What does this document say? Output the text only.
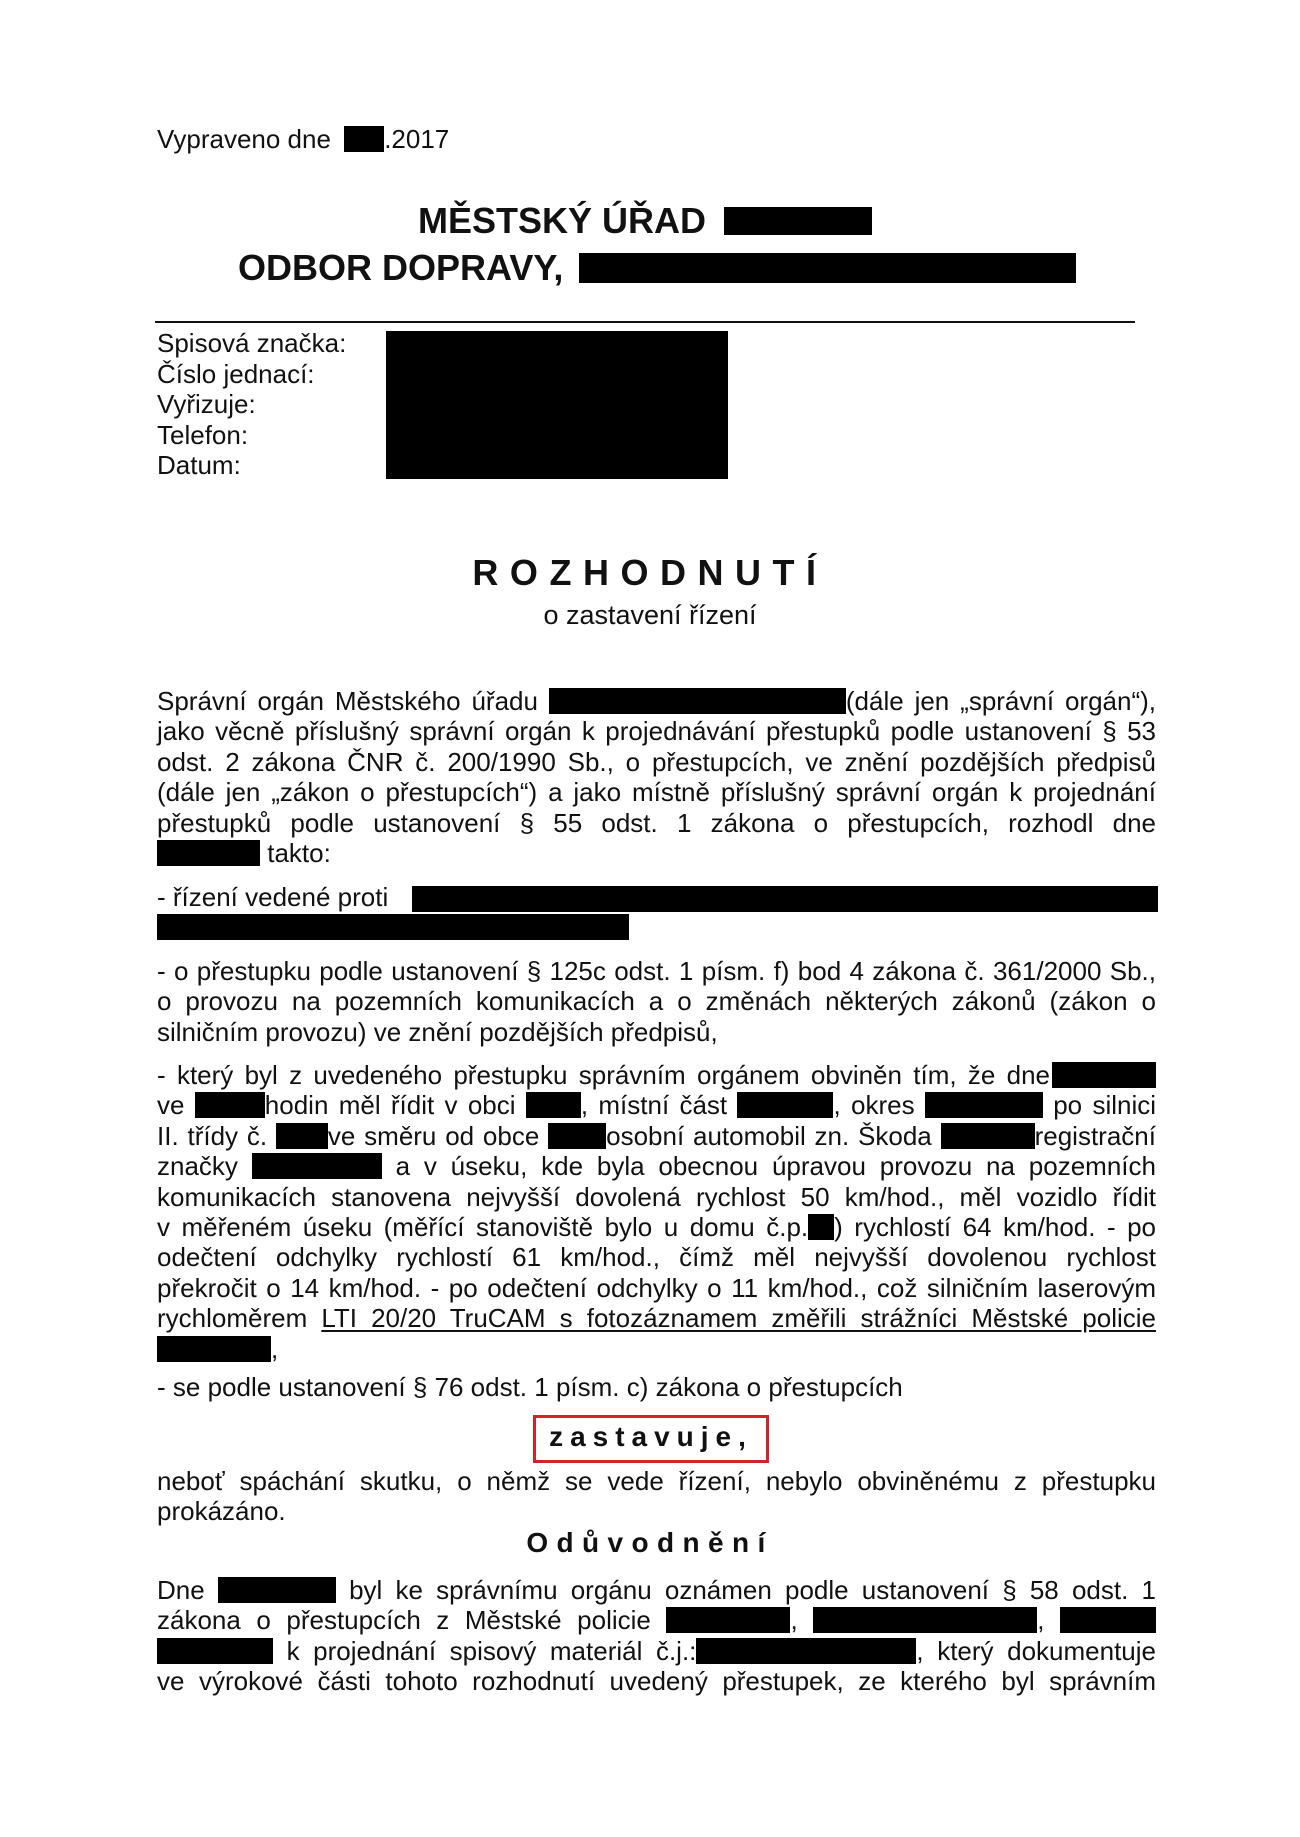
Vypraveno dne .2017
MĚSTSKÝ ÚŘAD
ODBOR DOPRAVY,
Spisová značka:
Číslo jednací:
Vyřizuje:
Telefon:
Datum:
ROZHODNUTÍ
o zastavení řízení
Správní orgán Městského úřadu	(dále jen „správní orgán“),
jako věcně příslušný správní orgán k projednávání přestupků podle ustanovení § 53
odst. 2 zákona ČNR č. 200/1990 Sb., o přestupcích, ve znění pozdějších předpisů
(dále jen „zákon o přestupcích“) a jako místně příslušný správní orgán k projednání
přestupků podle ustanovení § 55 odst. 1 zákona o přestupcích, rozhodl dne
takto:
- řízení vedené proti
- o přestupku podle ustanovení § 125c odst. 1 písm. f) bod 4 zákona č. 361/2000 Sb.,
o provozu na pozemních komunikacích a o změnách některých zákonů (zákon o
silničním provozu) ve znění pozdějších předpisů,
- který byl z uvedeného přestupku správním orgánem obviněn tím, že dne
ve	hodin měl řídit v obci	, místní část	, okres	po silnici
II. třídy č. ve směru od obce	osobní automobil zn. Škoda	registrační
značky	a v úseku, kde byla obecnou úpravou provozu na pozemních
komunikacích stanovena nejvyšší dovolená rychlost 50 km/hod., měl vozidlo řídit
v měřeném úseku (měřící stanoviště bylo u domu č.p. ) rychlostí 64 km/hod. - po
odečtení odchylky rychlostí 61 km/hod., čímž měl nejvyšší dovolenou rychlost
překročit o 14 km/hod. - po odečtení odchylky o 11 km/hod., což silničním laserovým
rychloměrem LTI 20/20 TruCAM s fotozáznamem změřili strážníci Městské policie
,
- se podle ustanovení § 76 odst. 1 písm. c) zákona o přestupcích
zastavuje,
neboť spáchání skutku, o němž se vede řízení, nebylo obviněnému z přestupku
prokázáno.
Odůvodnění
Dne	byl ke správnímu orgánu oznámen podle ustanovení § 58 odst. 1
zákona o přestupcích z Městské policie	,	,
k projednání spisový materiál č.j.:	, který dokumentuje
ve výrokové části tohoto rozhodnutí uvedený přestupek, ze kterého byl správním
